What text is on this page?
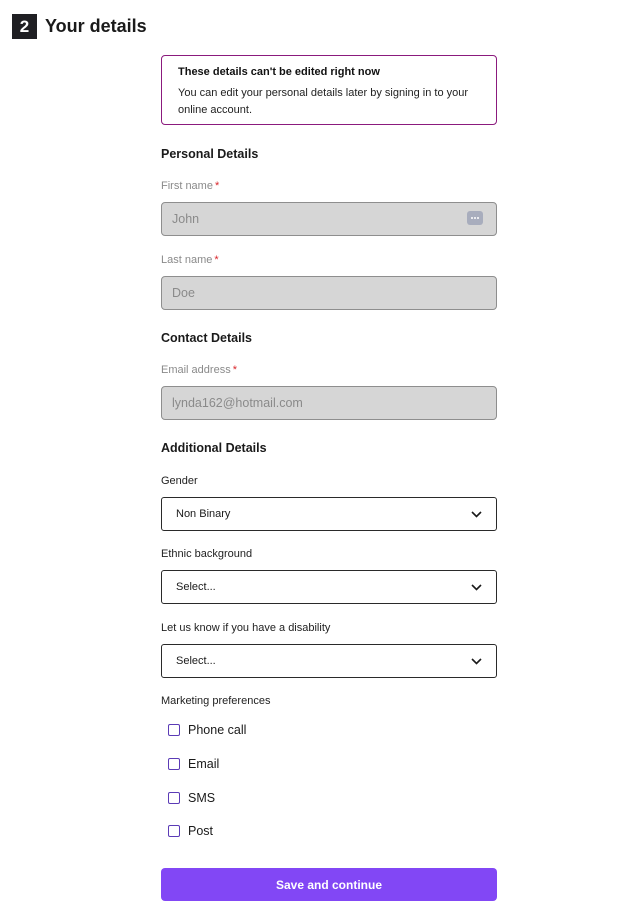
2 Your details
These details can't be edited right now
You can edit your personal details later by signing in to your online account.
Personal Details
First name *
John
Last name *
Doe
Contact Details
Email address *
lynda162@hotmail.com
Additional Details
Gender
Non Binary
Ethnic background
Select...
Let us know if you have a disability
Select...
Marketing preferences
Phone call
Email
SMS
Post
Save and continue
